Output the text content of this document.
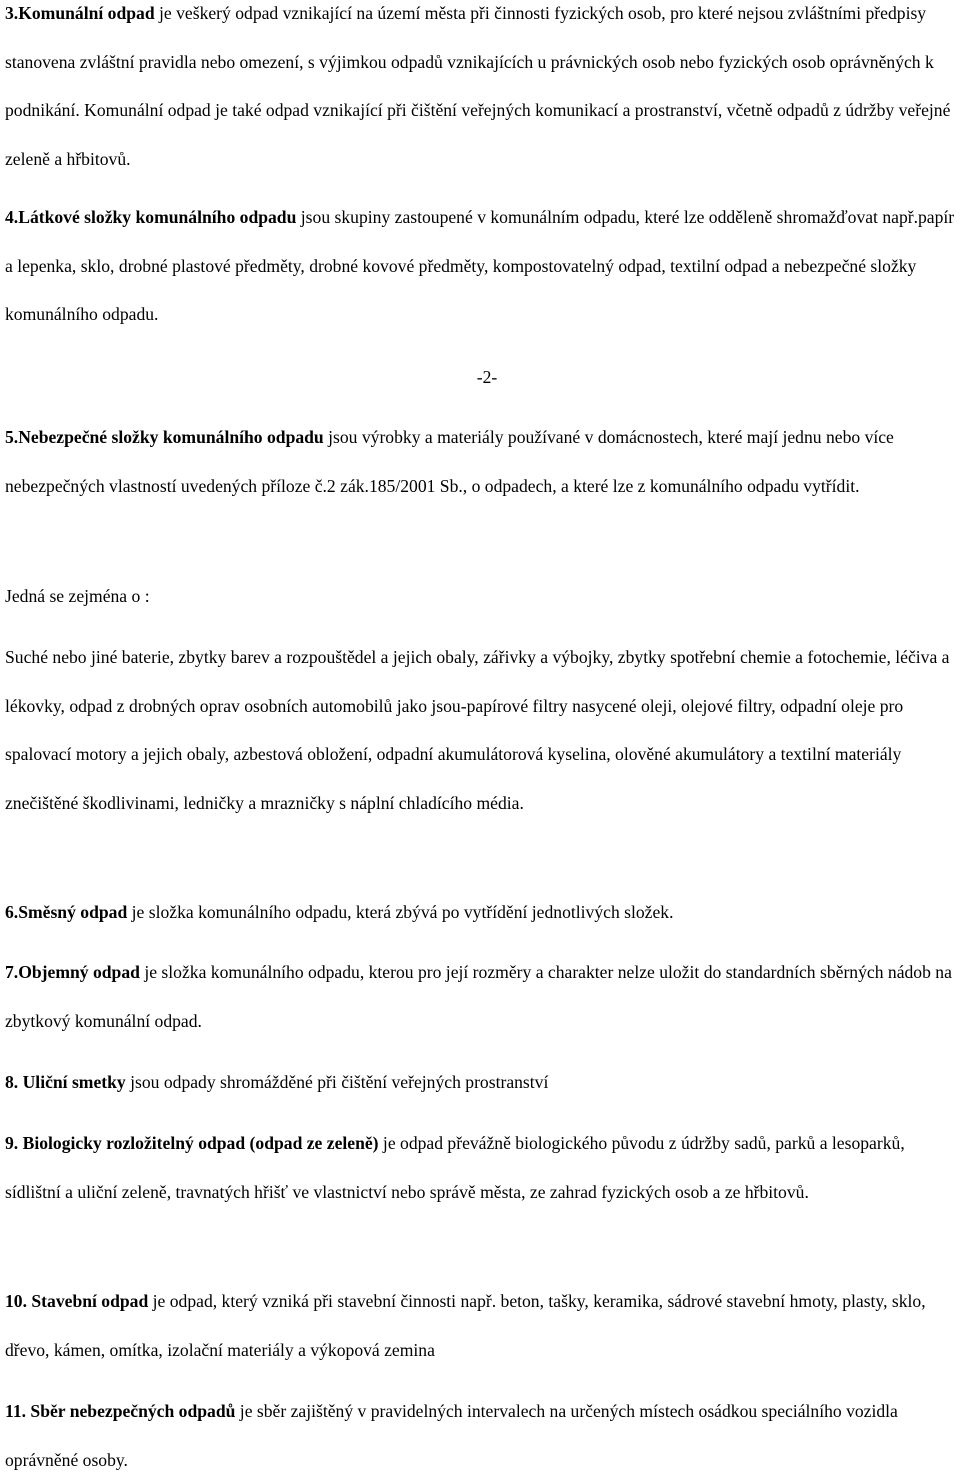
3.Komunální odpad je veškerý odpad vznikající na území města při činnosti fyzických osob, pro které nejsou zvláštními předpisy stanovena zvláštní pravidla nebo omezení, s výjimkou odpadů vznikajících u právnických osob nebo fyzických osob oprávněných k podnikání. Komunální odpad je také odpad vznikající při čištění veřejných komunikací a prostranství, včetně odpadů z údržby veřejné zeleně a hřbitovů.

4.Látkové složky komunálního odpadu jsou skupiny zastoupené v komunálním odpadu, které lze odděleně shromažďovat např.papír a lepenka, sklo, drobné plastové předměty, drobné kovové předměty, kompostovatelný odpad, textilní odpad a nebezpečné složky komunálního odpadu.

-2-

5.Nebezpečné složky komunálního odpadu jsou výrobky a materiály používané v domácnostech, které mají jednu nebo více nebezpečných vlastností uvedených příloze č.2 zák.185/2001 Sb., o odpadech, a které lze z komunálního odpadu vytřídit.

Jedná se zejména o :

Suché nebo jiné baterie, zbytky barev a rozpouštědel a jejich obaly, zářivky a výbojky, zbytky spotřební chemie a fotochemie, léčiva a lékovky, odpad z drobných oprav osobních automobilů jako jsou-papírové filtry nasycené oleji, olejové filtry, odpadní oleje pro spalovací motory a jejich obaly, azbestová obložení, odpadní akumulátorová kyselina, olověné akumulátory a textilní materiály znečištěné škodlivinami, ledničky a mrazničky s náplní chladícího média.

6.Směsný odpad je složka komunálního odpadu, která zbývá po vytřídění jednotlivých složek.

7.Objemný odpad je složka komunálního odpadu, kterou pro její rozměry a charakter nelze uložit do standardních sběrných nádob na zbytkový komunální odpad.

8. Uliční smetky jsou odpady shromážděné při čištění veřejných prostranství

9. Biologicky rozložitelný odpad (odpad ze zeleně) je odpad převážně biologického původu z údržby sadů, parků a lesoparků, sídlištní a uliční zeleně, travnatých hřišť ve vlastnictví nebo správě města, ze zahrad fyzických osob a ze hřbitovů.

10. Stavební odpad je odpad, který vzniká při stavební činnosti např. beton, tašky, keramika, sádrové stavební hmoty, plasty, sklo, dřevo, kámen, omítka, izolační materiály a výkopová zemina

11. Sběr nebezpečných odpadů je sběr zajištěný v pravidelných intervalech na určených místech osádkou speciálního vozidla oprávněné osoby.
